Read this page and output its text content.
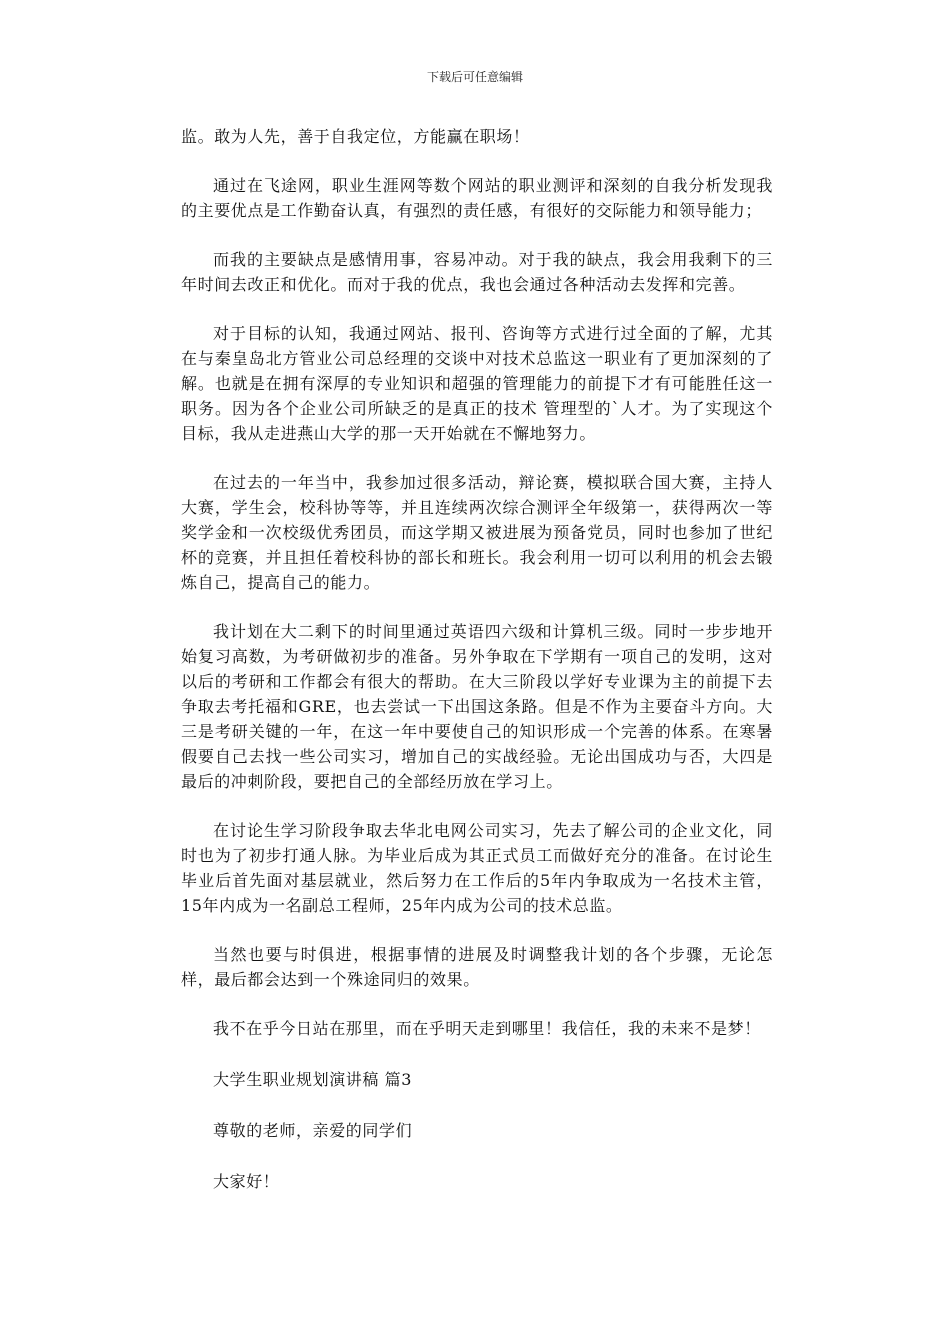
下载后可任意编辑

监。敢为人先，善于自我定位，方能赢在职场！

通过在飞途网，职业生涯网等数个网站的职业测评和深刻的自我分析发现我的主要优点是工作勤奋认真，有强烈的责任感，有很好的交际能力和领导能力；

而我的主要缺点是感情用事，容易冲动。对于我的缺点，我会用我剩下的三年时间去改正和优化。而对于我的优点，我也会通过各种活动去发挥和完善。

对于目标的认知，我通过网站、报刊、咨询等方式进行过全面的了解，尤其在与秦皇岛北方管业公司总经理的交谈中对技术总监这一职业有了更加深刻的了解。也就是在拥有深厚的专业知识和超强的管理能力的前提下才有可能胜任这一职务。因为各个企业公司所缺乏的是真正的技术 管理型的`人才。为了实现这个目标，我从走进燕山大学的那一天开始就在不懈地努力。

在过去的一年当中，我参加过很多活动，辩论赛，模拟联合国大赛，主持人大赛，学生会，校科协等等，并且连续两次综合测评全年级第一，获得两次一等奖学金和一次校级优秀团员，而这学期又被进展为预备党员，同时也参加了世纪杯的竞赛，并且担任着校科协的部长和班长。我会利用一切可以利用的机会去锻炼自己，提高自己的能力。

我计划在大二剩下的时间里通过英语四六级和计算机三级。同时一步步地开始复习高数，为考研做初步的准备。另外争取在下学期有一项自己的发明，这对以后的考研和工作都会有很大的帮助。在大三阶段以学好专业课为主的前提下去争取去考托福和GRE，也去尝试一下出国这条路。但是不作为主要奋斗方向。大三是考研关键的一年，在这一年中要使自己的知识形成一个完善的体系。在寒暑假要自己去找一些公司实习，增加自己的实战经验。无论出国成功与否，大四是最后的冲刺阶段，要把自己的全部经历放在学习上。

在讨论生学习阶段争取去华北电网公司实习，先去了解公司的企业文化，同时也为了初步打通人脉。为毕业后成为其正式员工而做好充分的准备。在讨论生毕业后首先面对基层就业，然后努力在工作后的5年内争取成为一名技术主管，15年内成为一名副总工程师，25年内成为公司的技术总监。

当然也要与时俱进，根据事情的进展及时调整我计划的各个步骤，无论怎样，最后都会达到一个殊途同归的效果。

我不在乎今日站在那里，而在乎明天走到哪里！我信任，我的未来不是梦！

大学生职业规划演讲稿 篇3

尊敬的老师，亲爱的同学们

大家好！
